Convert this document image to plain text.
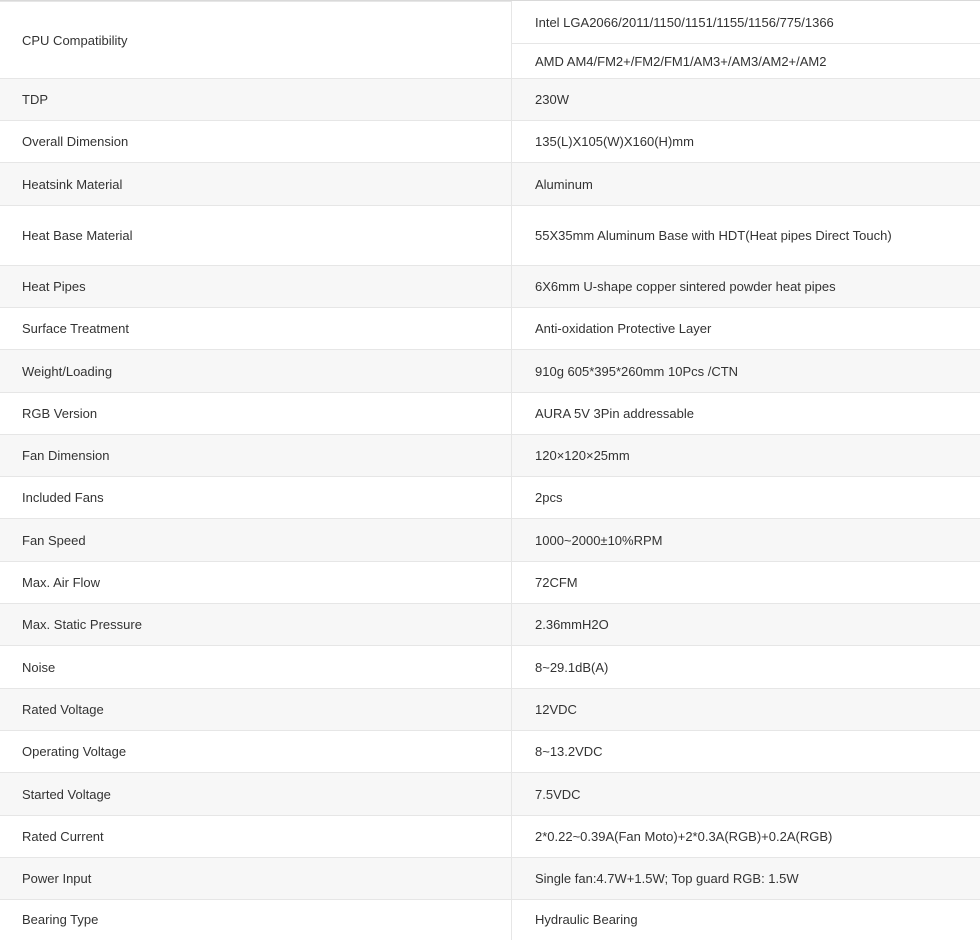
CPU Compatibility	Intel LGA2066/2011/1150/1151/1155/1156/775/1366
	AMD AM4/FM2+/FM2/FM1/AM3+/AM3/AM2+/AM2
TDP	230W
Overall Dimension	135(L)X105(W)X160(H)mm
Heatsink Material	Aluminum
Heat Base Material	55X35mm Aluminum Base with HDT(Heat pipes Direct Touch)
Heat Pipes	6X6mm U-shape copper sintered powder heat pipes
Surface Treatment	Anti-oxidation Protective Layer
Weight/Loading	910g 605*395*260mm 10Pcs /CTN
RGB Version	AURA 5V 3Pin addressable
Fan Dimension	120×120×25mm
Included Fans	2pcs
Fan Speed	1000~2000±10%RPM
Max. Air Flow	72CFM
Max. Static Pressure	2.36mmH2O
Noise	8~29.1dB(A)
Rated Voltage	12VDC
Operating Voltage	8~13.2VDC
Started Voltage	7.5VDC
Rated Current	2*0.22~0.39A(Fan Moto)+2*0.3A(RGB)+0.2A(RGB)
Power Input	Single fan:4.7W+1.5W; Top guard RGB: 1.5W
Bearing Type	Hydraulic Bearing
